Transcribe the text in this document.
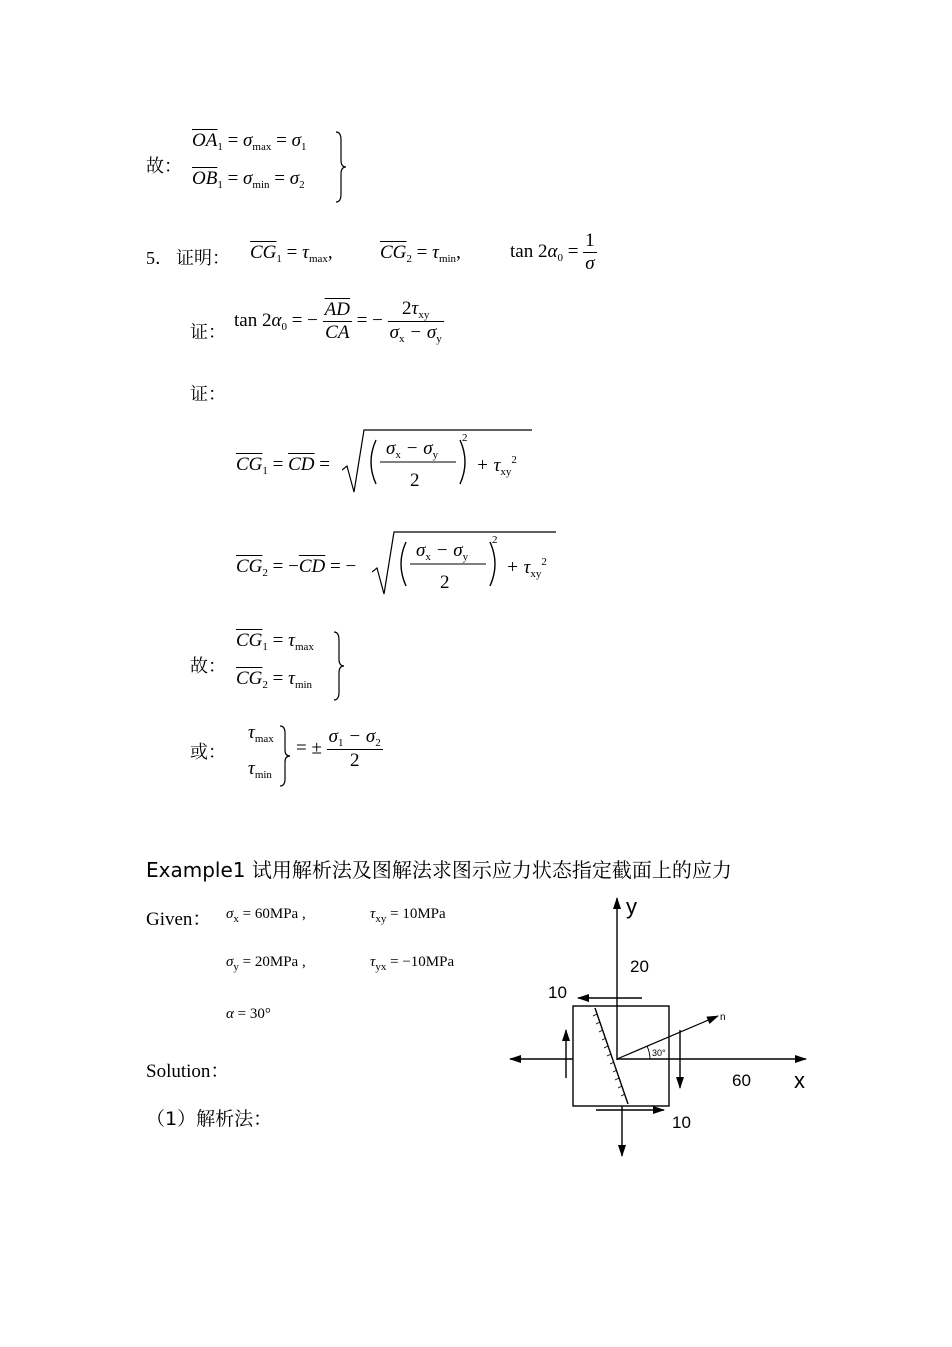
故：
$\overline{OA}_1 = \sigma_{max} = \sigma_1$
$\overline{OB}_1 = \sigma_{min} = \sigma_2$
5． 证明： $\overline{CG}_1 = \tau_{max}$, $\overline{CG}_2 = \tau_{min}$,	$\tan 2\alpha_0 = \frac{1}{\sigma}$
证：
$\tan 2\alpha_0$ = − $\frac{\overline{AD}}{CA}$ = − $\frac{2\tau_{xy}}{\sigma_x - \sigma_y}$
证：
$\overline{CG}_1 = \overline{CD}$ =
$\sigma_x - \sigma_y$
2
2
+ $\tau_{xy}^2$
$\overline{CG}_2 = -\overline{CD}$ = −
$\sigma_x - \sigma_y$
2
2
+ $\tau_{xy}^2$
故：
$\overline{CG}_1 = \tau_{max}$
$\overline{CG}_2 = \tau_{min}$
或：
$\tau_{max}$
$\tau_{min}$
= ± $\frac{\sigma_1 - \sigma_2}{2}$
Example1 试用解析法及图解法求图示应力状态指定截面上的应力
Given： $\sigma_x = 60MPa$ ,	$\tau_{xy} = 10MPa$
$\sigma_y = 20MPa$ ,	$\tau_{yx} = -10MPa$
α = 30°
Solution：
（1）解析法：
y
x
20
10
60
10
n
30°
